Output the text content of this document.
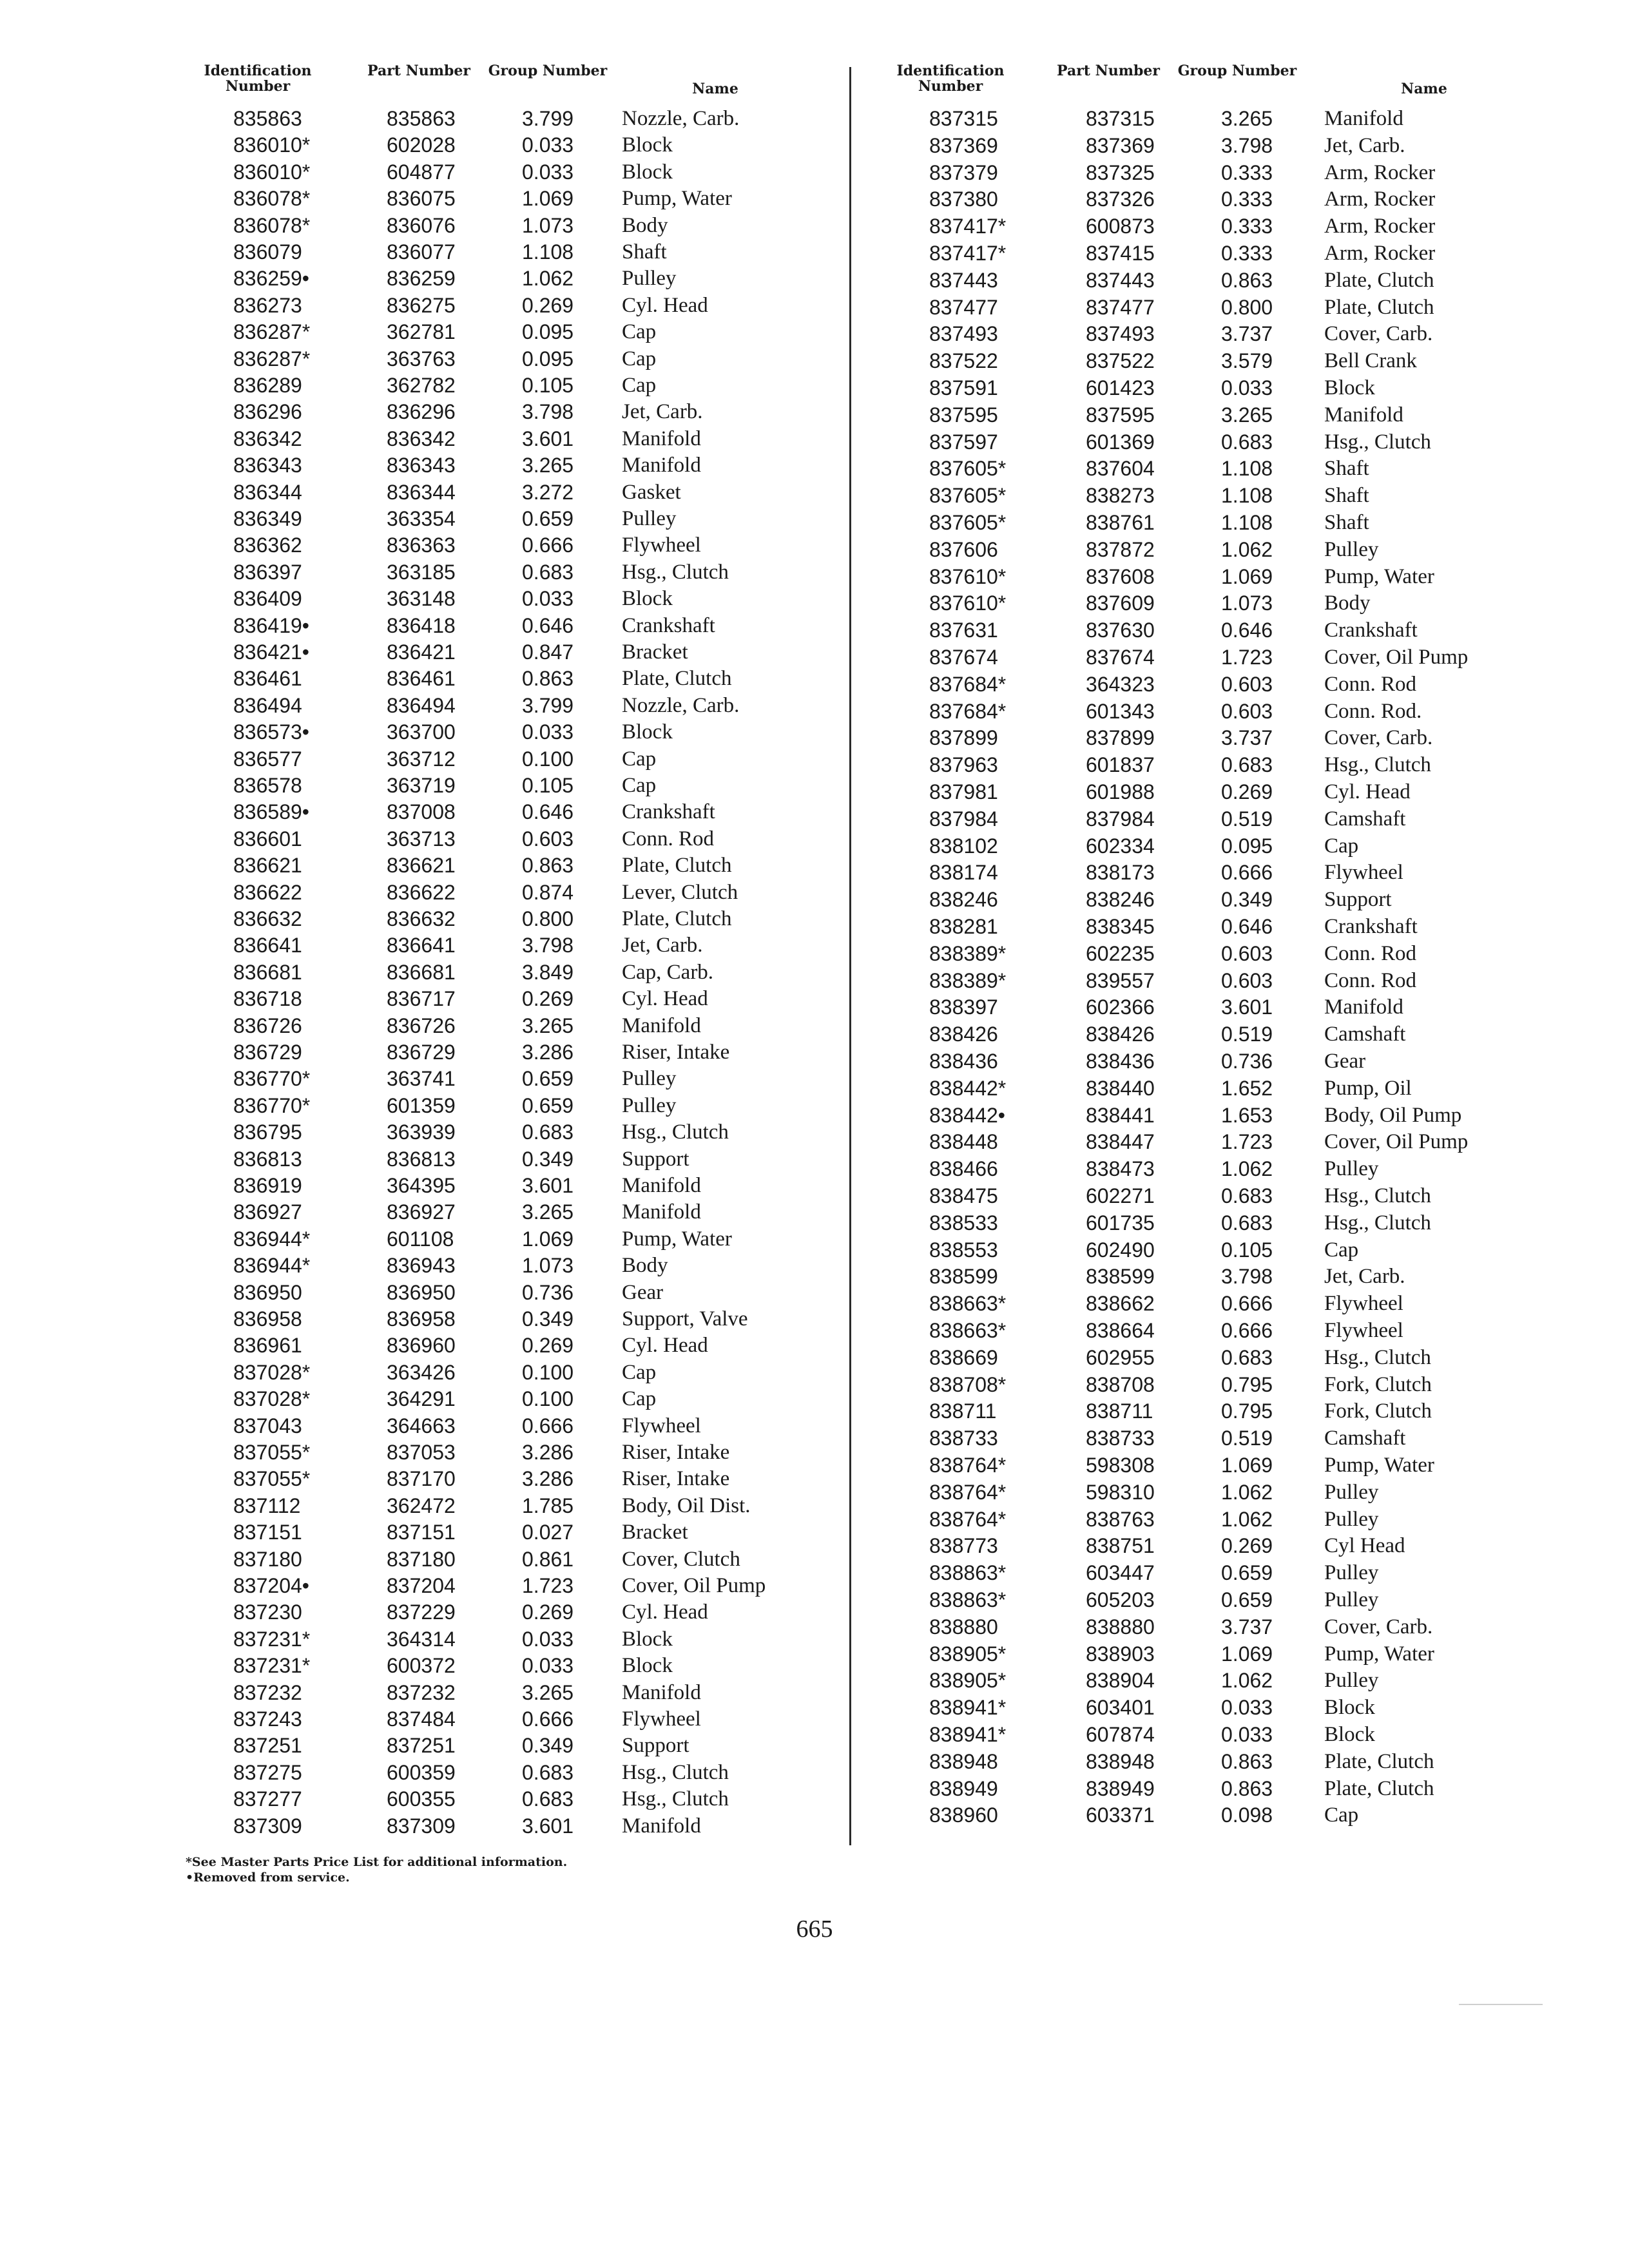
Identification Number
Part Number	Group Number
Name
835863	835863	3.799 Nozzle, Carb.
836010*	602028	0.033 Block
836010*	604877	0.033 Block
836078*	836075	1.069 Pump, Water
836078*	836076	1.073 Body
836079	836077	1.108 Shaft
836259•	836259	1.062 Pulley
836273	836275	0.269 Cyl. Head
836287*	362781	0.095 Cap
836287*	363763	0.095 Cap
836289	362782	0.105 Cap
836296	836296	3.798 Jet, Carb.
836342	836342	3.601 Manifold
836343	836343	3.265 Manifold
836344	836344	3.272 Gasket
836349	363354	0.659 Pulley
836362	836363	0.666 Flywheel
836397	363185	0.683 Hsg., Clutch
836409	363148	0.033 Block
836419•	836418	0.646 Crankshaft
836421•	836421	0.847 Bracket
836461	836461	0.863 Plate, Clutch
836494	836494	3.799 Nozzle, Carb.
836573•	363700	0.033 Block
836577	363712	0.100 Cap
836578	363719	0.105 Cap
836589•	837008	0.646 Crankshaft
836601	363713	0.603 Conn. Rod
836621	836621	0.863 Plate, Clutch
836622	836622	0.874 Lever, Clutch
836632	836632	0.800 Plate, Clutch
836641	836641	3.798 Jet, Carb.
836681	836681	3.849 Cap, Carb.
836718	836717	0.269 Cyl. Head
836726	836726	3.265 Manifold
836729	836729	3.286 Riser, Intake
836770*	363741	0.659 Pulley
836770*	601359	0.659 Pulley
836795	363939	0.683 Hsg., Clutch
836813	836813	0.349 Support
836919	364395	3.601 Manifold
836927	836927	3.265 Manifold
836944*	601108	1.069 Pump, Water
836944*	836943	1.073 Body
836950	836950	0.736 Gear
836958	836958	0.349 Support, Valve
836961	836960	0.269 Cyl. Head
837028*	363426	0.100 Cap
837028*	364291	0.100 Cap
837043	364663	0.666 Flywheel
837055*	837053	3.286 Riser, Intake
837055*	837170	3.286 Riser, Intake
837112	362472	1.785 Body, Oil Dist.
837151	837151	0.027 Bracket
837180	837180	0.861 Cover, Clutch
837204•	837204	1.723 Cover, Oil Pump
837230	837229	0.269 Cyl. Head
837231*	364314	0.033 Block
837231*	600372	0.033 Block
837232	837232	3.265 Manifold
837243	837484	0.666 Flywheel
837251	837251	0.349 Support
837275	600359	0.683 Hsg., Clutch
837277	600355	0.683 Hsg., Clutch
837309	837309	3.601 Manifold
Identification Number
Part Number	Group Number
Name
837315	837315	3.265 Manifold
837369	837369	3.798 Jet, Carb.
837379	837325	0.333 Arm, Rocker
837380	837326	0.333 Arm, Rocker
837417*	600873	0.333 Arm, Rocker
837417*	837415	0.333 Arm, Rocker
837443	837443	0.863 Plate, Clutch
837477	837477	0.800 Plate, Clutch
837493	837493	3.737 Cover, Carb.
837522	837522	3.579 Bell Crank
837591	601423	0.033 Block
837595	837595	3.265 Manifold
837597	601369	0.683 Hsg., Clutch
837605*	837604	1.108 Shaft
837605*	838273	1.108 Shaft
837605*	838761	1.108 Shaft
837606	837872	1.062 Pulley
837610*	837608	1.069 Pump, Water
837610*	837609	1.073 Body
837631	837630	0.646 Crankshaft
837674	837674	1.723 Cover, Oil Pump
837684*	364323	0.603 Conn. Rod
837684*	601343	0.603 Conn. Rod.
837899	837899	3.737 Cover, Carb.
837963	601837	0.683 Hsg., Clutch
837981	601988	0.269 Cyl. Head
837984	837984	0.519 Camshaft
838102	602334	0.095 Cap
838174	838173	0.666 Flywheel
838246	838246	0.349 Support
838281	838345	0.646 Crankshaft
838389*	602235	0.603 Conn. Rod
838389*	839557	0.603 Conn. Rod
838397	602366	3.601 Manifold
838426	838426	0.519 Camshaft
838436	838436	0.736 Gear
838442*	838440	1.652 Pump, Oil
838442•	838441	1.653 Body, Oil Pump
838448	838447	1.723 Cover, Oil Pump
838466	838473	1.062 Pulley
838475	602271	0.683 Hsg., Clutch
838533	601735	0.683 Hsg., Clutch
838553	602490	0.105 Cap
838599	838599	3.798 Jet, Carb.
838663*	838662	0.666 Flywheel
838663*	838664	0.666 Flywheel
838669	602955	0.683 Hsg., Clutch
838708*	838708	0.795 Fork, Clutch
838711	838711	0.795 Fork, Clutch
838733	838733	0.519 Camshaft
838764*	598308	1.069 Pump, Water
838764*	598310	1.062 Pulley
838764*	838763	1.062 Pulley
838773	838751	0.269 Cyl Head
838863*	603447	0.659 Pulley
838863*	605203	0.659 Pulley
838880	838880	3.737 Cover, Carb.
838905*	838903	1.069 Pump, Water
838905*	838904	1.062 Pulley
838941*	603401	0.033 Block
838941*	607874	0.033 Block
838948	838948	0.863 Plate, Clutch
838949	838949	0.863 Plate, Clutch
838960	603371	0.098 Cap
*See Master Parts Price List for additional information.
•Removed from service.
665
